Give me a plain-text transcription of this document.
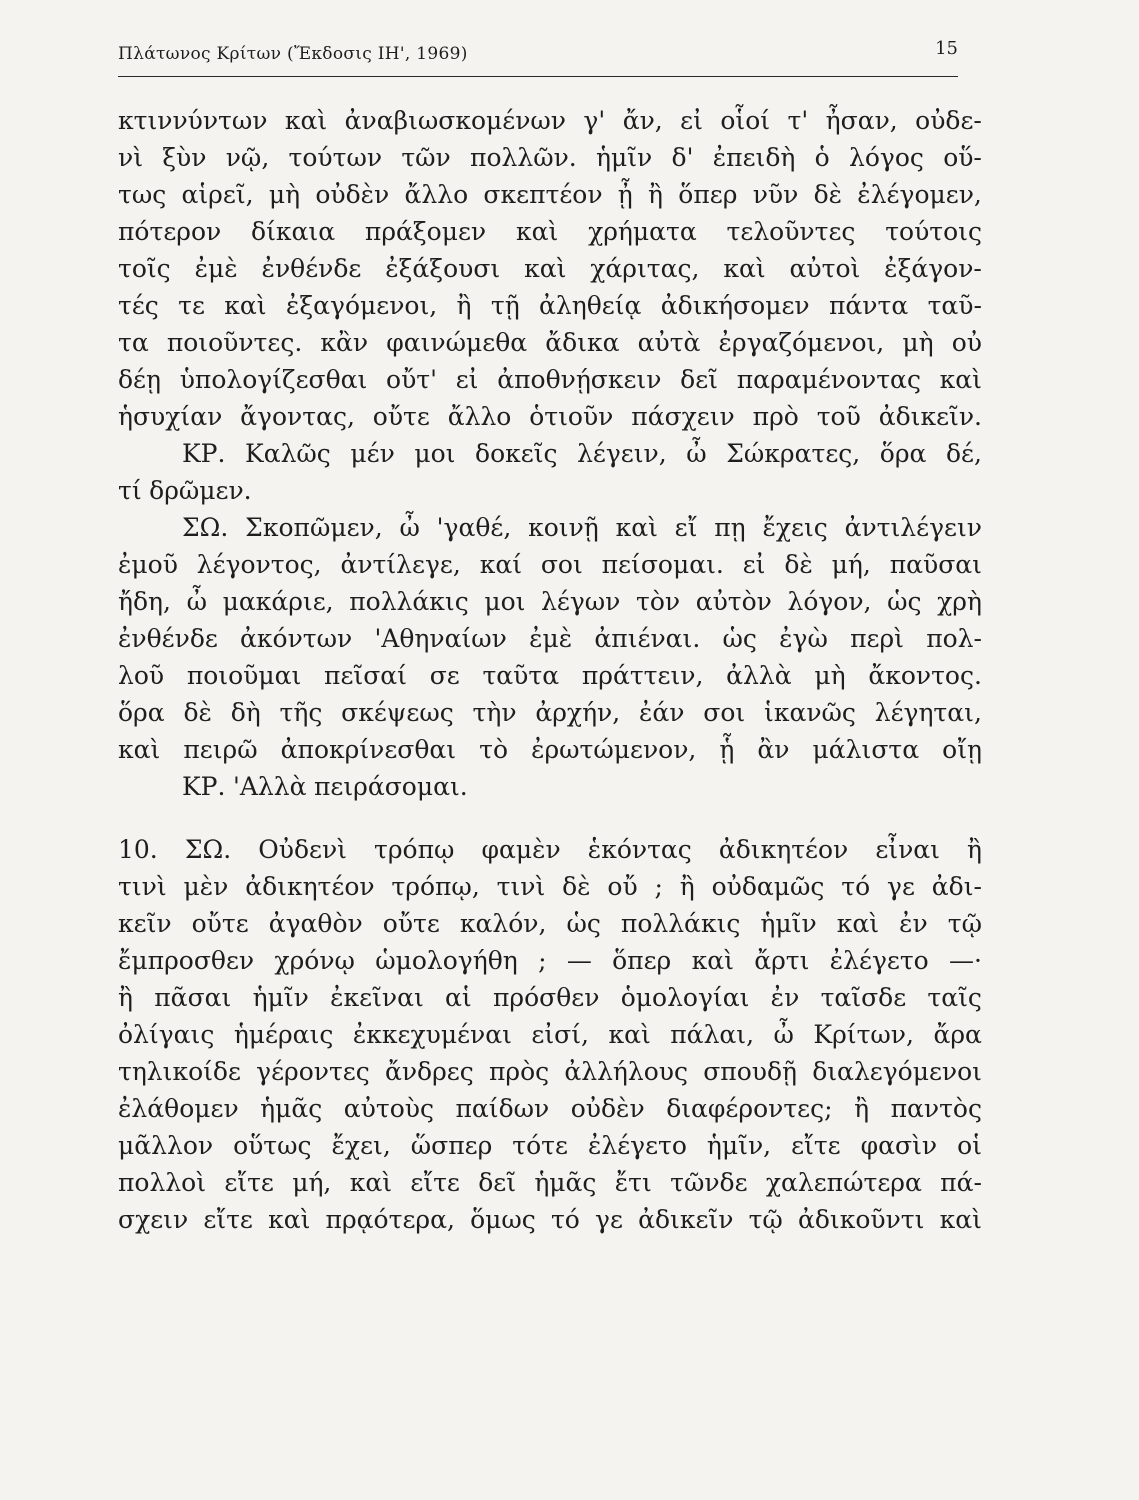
Πλάτωνος Κρίτων (Ἔκδοσις ΙΗ', 1969)	15
κτιννύντων καὶ ἀναβιωσκομένων γ' ἄν, εἰ οἷοί τ' ἦσαν, οὐδε-
νὶ ξὺν νῷ, τούτων τῶν πολλῶν. ἡμῖν δ' ἐπειδὴ ὁ λόγος οὕ-
τως αἱρεῖ, μὴ οὐδὲν ἄλλο σκεπτέον ᾖ ἢ ὅπερ νῦν δὲ ἐλέγομεν,
πότερον δίκαια πράξομεν καὶ χρήματα τελοῦντες τούτοις
τοῖς ἐμὲ ἐνθένδε ἐξάξουσι καὶ χάριτας, καὶ αὐτοὶ ἐξάγον-
τές τε καὶ ἐξαγόμενοι, ἢ τῇ ἀληθείᾳ ἀδικήσομεν πάντα ταῦ-
τα ποιοῦντες. κἂν φαινώμεθα ἄδικα αὐτὰ ἐργαζόμενοι, μὴ οὐ
δέῃ ὑπολογίζεσθαι οὔτ' εἰ ἀποθνῄσκειν δεῖ παραμένοντας καὶ
ἡσυχίαν ἄγοντας, οὔτε ἄλλο ὁτιοῦν πάσχειν πρὸ τοῦ ἀδικεῖν.
ΚΡ. Καλῶς μέν μοι δοκεῖς λέγειν, ὦ Σώκρατες, ὅρα δέ,
τί δρῶμεν.
ΣΩ. Σκοπῶμεν, ὦ 'γαθέ, κοινῇ καὶ εἴ πῃ ἔχεις ἀντιλέγειν
ἐμοῦ λέγοντος, ἀντίλεγε, καί σοι πείσομαι. εἰ δὲ μή, παῦσαι
ἤδη, ὦ μακάριε, πολλάκις μοι λέγων τὸν αὐτὸν λόγον, ὡς χρὴ
ἐνθένδε ἀκόντων 'Αθηναίων ἐμὲ ἀπιέναι. ὡς ἐγὼ περὶ πολ-
λοῦ ποιοῦμαι πεῖσαί σε ταῦτα πράττειν, ἀλλὰ μὴ ἄκοντος.
ὅρα δὲ δὴ τῆς σκέψεως τὴν ἀρχήν, ἐάν σοι ἱκανῶς λέγηται,
καὶ πειρῶ ἀποκρίνεσθαι τὸ ἐρωτώμενον, ᾗ ἂν μάλιστα οἴῃ
ΚΡ. 'Αλλὰ πειράσομαι.
10. ΣΩ. Οὐδενὶ τρόπῳ φαμὲν ἑκόντας ἀδικητέον εἶναι ἢ
τινὶ μὲν ἀδικητέον τρόπῳ, τινὶ δὲ οὔ ; ἢ οὐδαμῶς τό γε ἀδι-
κεῖν οὔτε ἀγαθὸν οὔτε καλόν, ὡς πολλάκις ἡμῖν καὶ ἐν τῷ
ἔμπροσθεν χρόνῳ ὡμολογήθη ; — ὅπερ καὶ ἄρτι ἐλέγετο —·
ἢ πᾶσαι ἡμῖν ἐκεῖναι αἱ πρόσθεν ὁμολογίαι ἐν ταῖσδε ταῖς
ὀλίγαις ἡμέραις ἐκκεχυμέναι εἰσί, καὶ πάλαι, ὦ Κρίτων, ἄρα
τηλικοίδε γέροντες ἄνδρες πρὸς ἀλλήλους σπουδῇ διαλεγόμενοι
ἐλάθομεν ἡμᾶς αὐτοὺς παίδων οὐδὲν διαφέροντες; ἢ παντὸς
μᾶλλον οὕτως ἔχει, ὥσπερ τότε ἐλέγετο ἡμῖν, εἴτε φασὶν οἱ
πολλοὶ εἴτε μή, καὶ εἴτε δεῖ ἡμᾶς ἔτι τῶνδε χαλεπώτερα πά-
σχειν εἴτε καὶ πρᾳότερα, ὅμως τό γε ἀδικεῖν τῷ ἀδικοῦντι καὶ
